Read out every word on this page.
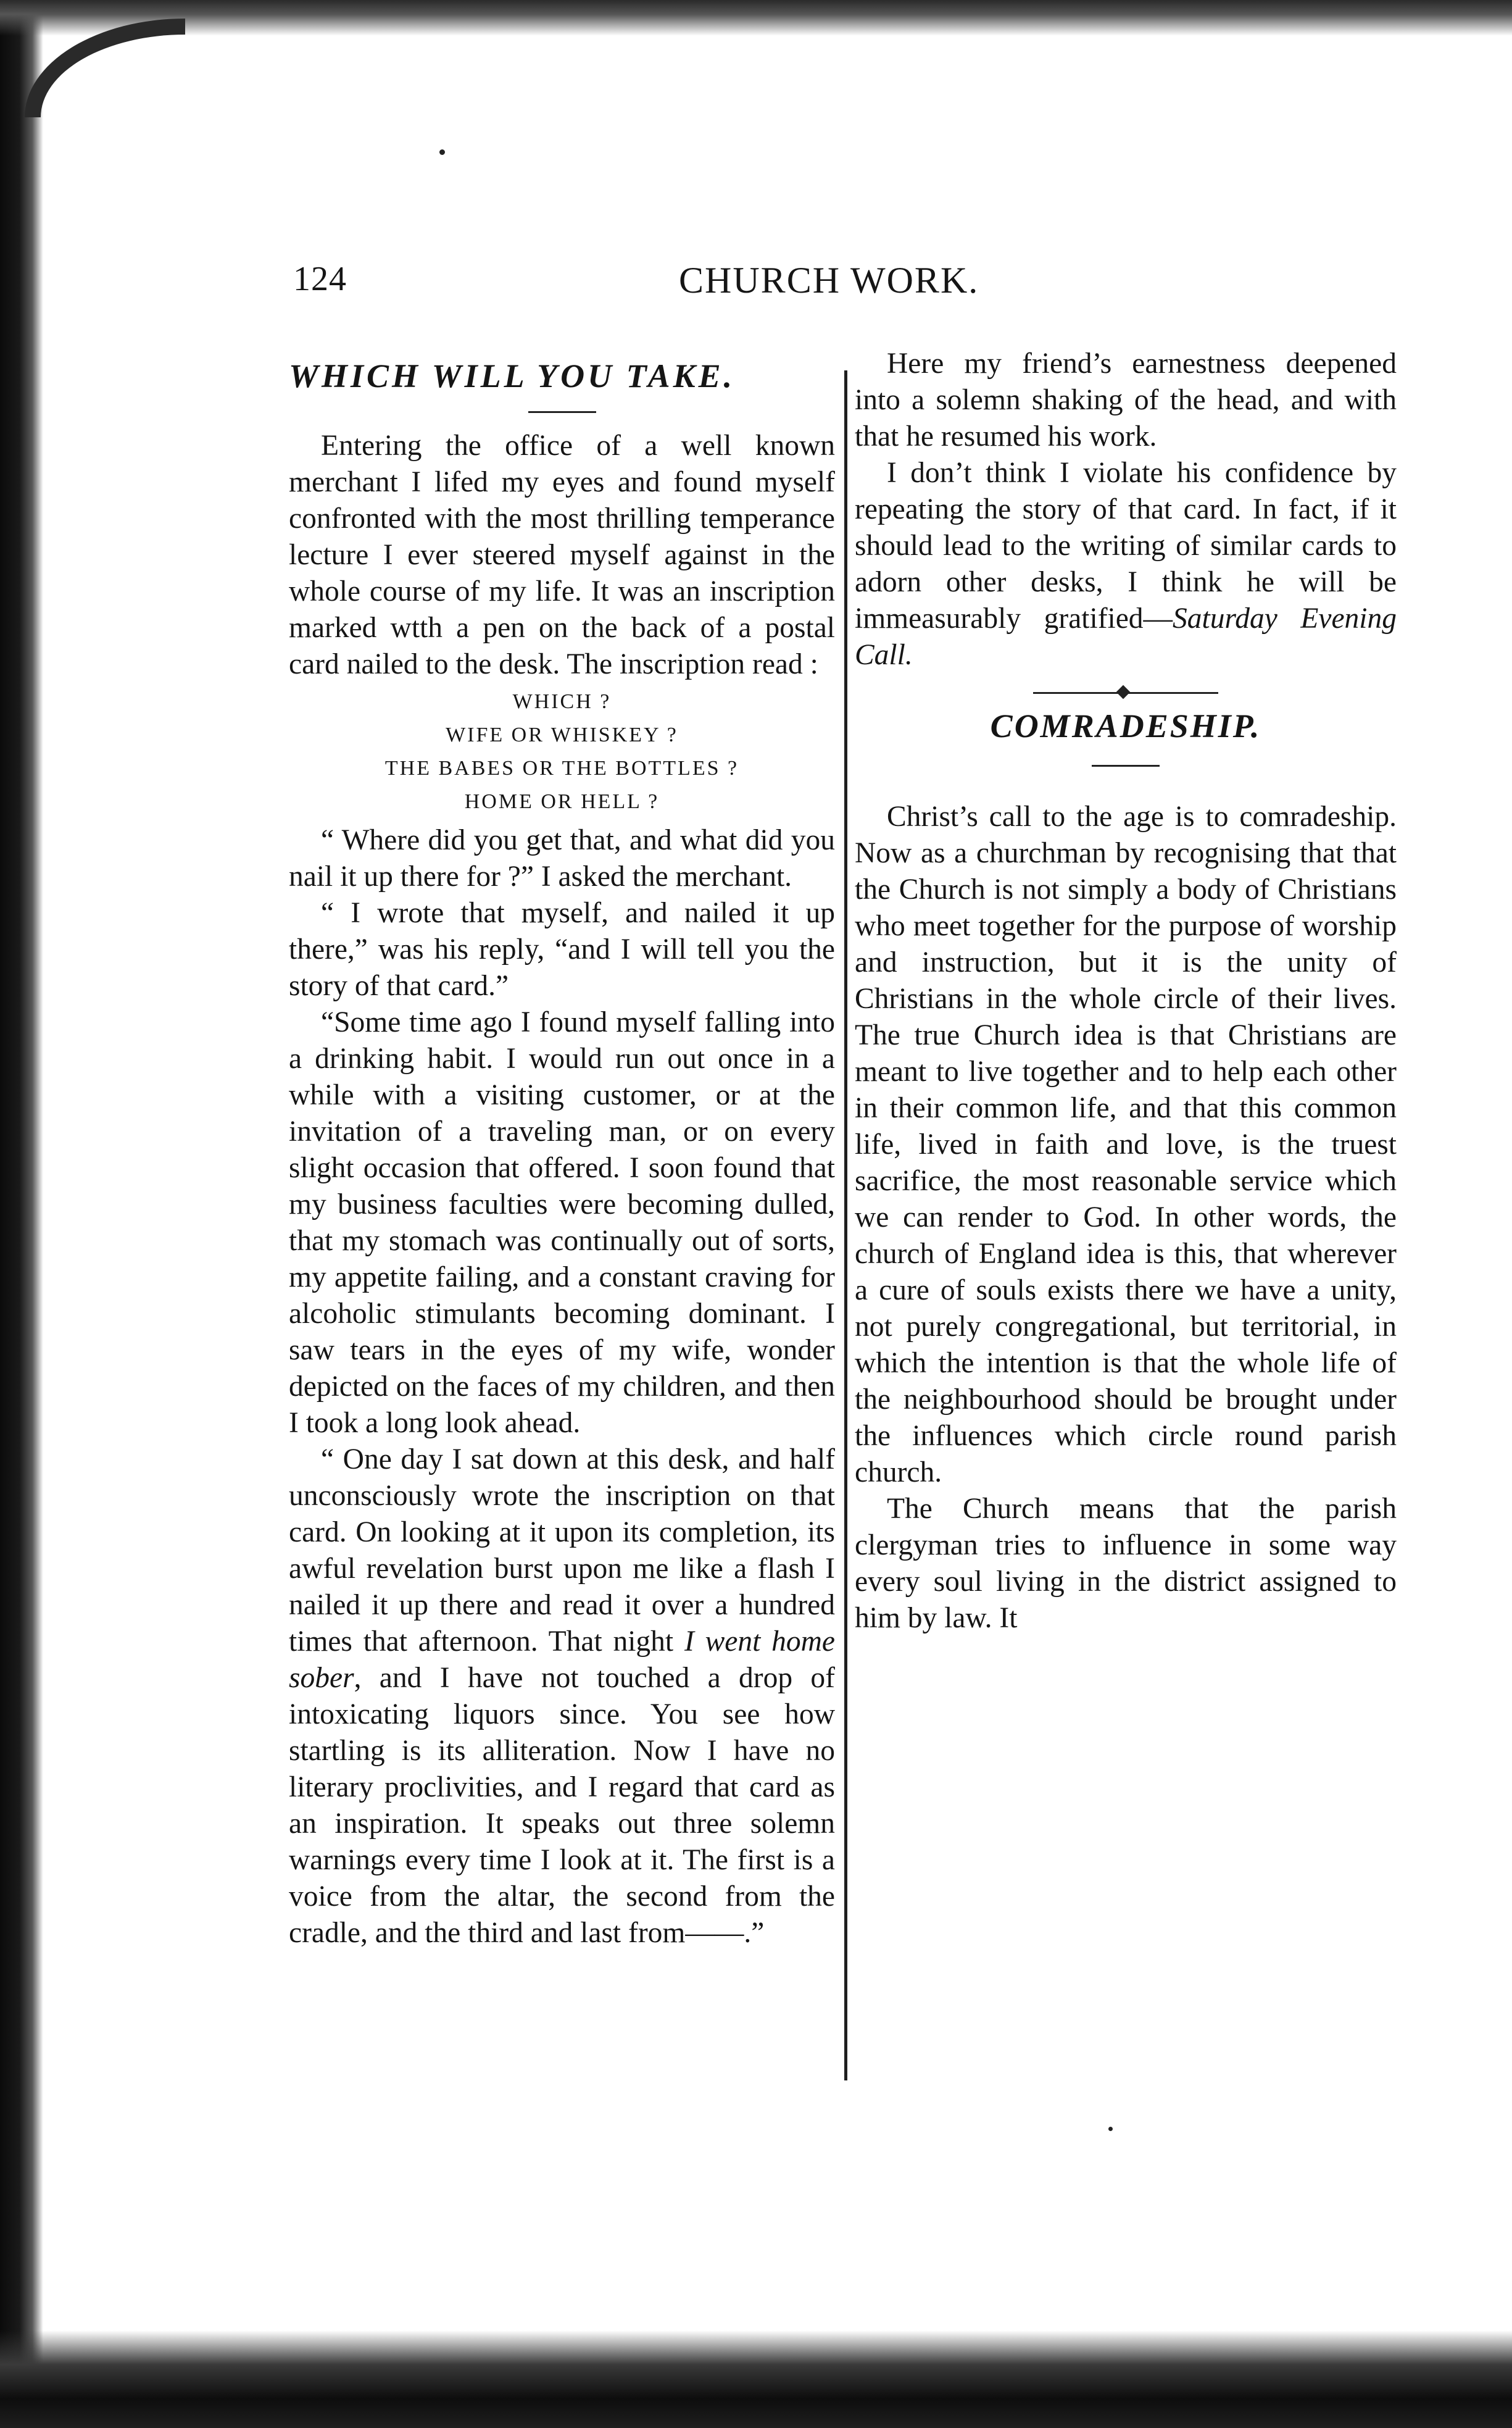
124	CHURCH WORK.
WHICH WILL YOU TAKE.

Entering the office of a well known merchant I lifed my eyes and found myself confronted with the most thrilling temperance lecture I ever steered myself against in the whole course of my life. It was an inscription marked wtth a pen on the back of a postal card nailed to the desk. The inscription read :

WHICH ?
WIFE OR WHISKEY ?
THE BABES OR THE BOTTLES ?
HOME OR HELL ?

“ Where did you get that, and what did you nail it up there for ?” I asked the merchant.

“ I wrote that myself, and nailed it up there,” was his reply, “and I will tell you the story of that card.”

“Some time ago I found myself falling into a drinking habit. I would run out once in a while with a visiting customer, or at the invitation of a traveling man, or on every slight occasion that offered. I soon found that my business faculties were becoming dulled, that my stomach was continually out of sorts, my appetite failing, and a constant craving for alcoholic stimulants becoming dominant. I saw tears in the eyes of my wife, wonder depicted on the faces of my children, and then I took a long look ahead.

“ One day I sat down at this desk, and half unconsciously wrote the inscription on that card. On looking at it upon its completion, its awful revelation burst upon me like a flash I nailed it up there and read it over a hundred times that afternoon. That night I went home sober, and I have not touched a drop of intoxicating liquors since. You see how startling is its alliteration. Now I have no literary proclivities, and I regard that card as an inspiration. It speaks out three solemn warnings every time I look at it. The first is a voice from the altar, the second from the cradle, and the third and last from——.”

Here my friend’s earnestness deepened into a solemn shaking of the head, and with that he resumed his work.

I don’t think I violate his confidence by repeating the story of that card. In fact, if it should lead to the writing of similar cards to adorn other desks, I think he will be immeasurably gratified—Saturday Evening Call.

COMRADESHIP.

Christ’s call to the age is to comradeship. Now as a churchman by recognising that that the Church is not simply a body of Christians who meet together for the purpose of worship and instruction, but it is the unity of Christians in the whole circle of their lives. The true Church idea is that Christians are meant to live together and to help each other in their common life, and that this common life, lived in faith and love, is the truest sacrifice, the most reasonable service which we can render to God. In other words, the church of England idea is this, that wherever a cure of souls exists there we have a unity, not purely congregational, but territorial, in which the intention is that the whole life of the neighbourhood should be brought under the influences which circle round parish church.

The Church means that the parish clergyman tries to influence in some way every soul living in the district assigned to him by law. It
